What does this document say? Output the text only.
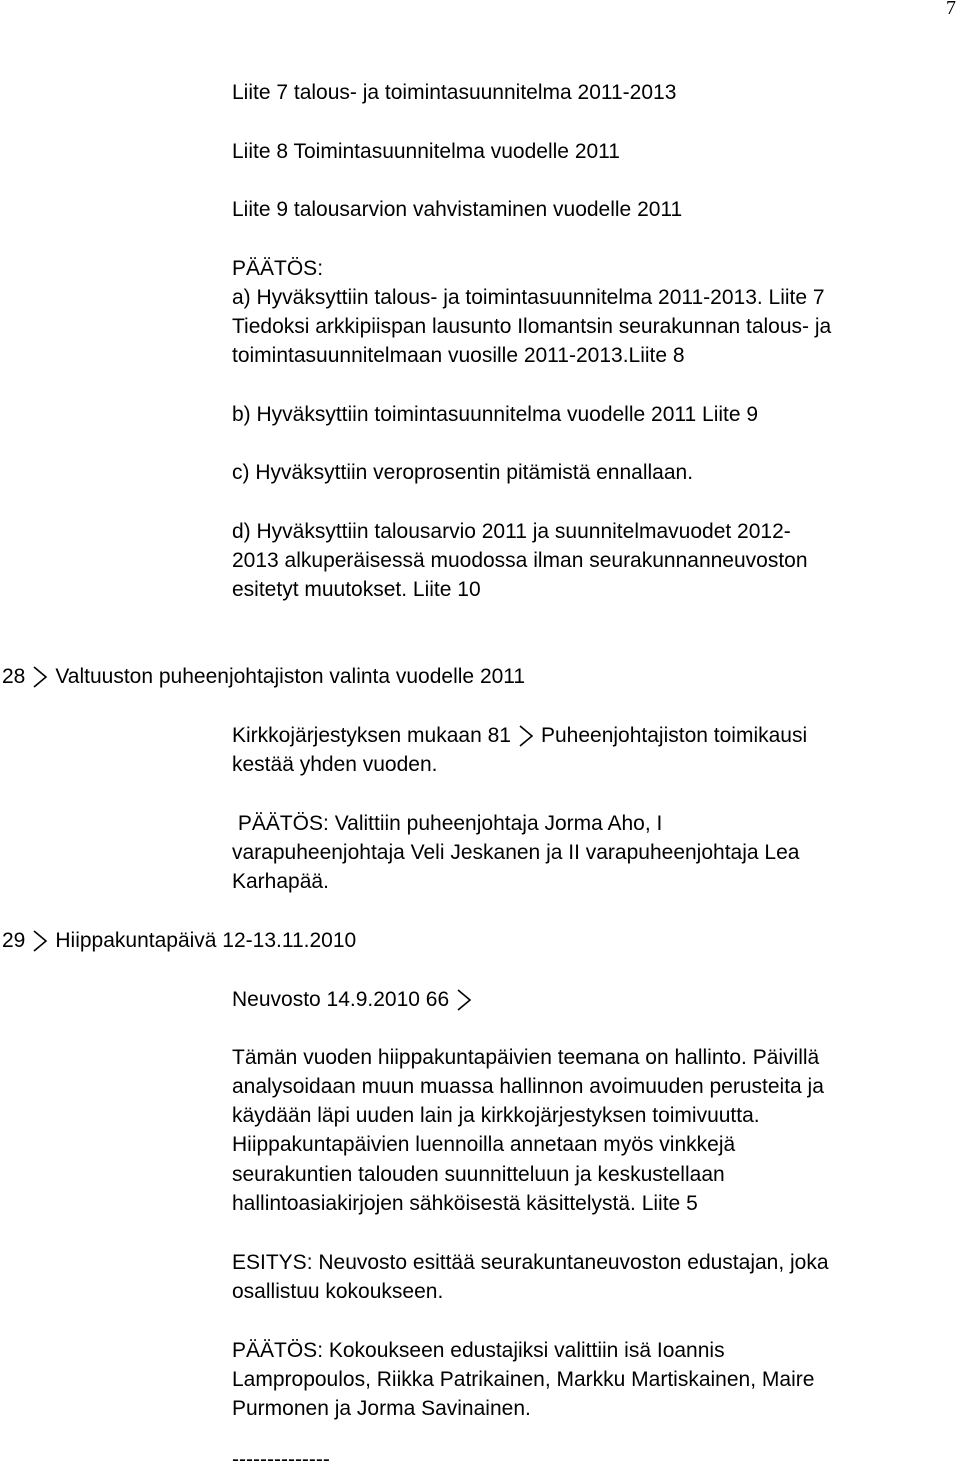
7
Liite 7 talous- ja toimintasuunnitelma 2011-2013
Liite 8 Toimintasuunnitelma vuodelle 2011
Liite 9 talousarvion vahvistaminen vuodelle 2011
PÄÄTÖS:
a) Hyväksyttiin talous- ja toimintasuunnitelma 2011-2013. Liite 7
Tiedoksi arkkipiispan lausunto Ilomantsin seurakunnan talous- ja
toimintasuunnitelmaan vuosille 2011-2013.Liite 8
b) Hyväksyttiin toimintasuunnitelma vuodelle 2011 Liite 9
c) Hyväksyttiin veroprosentin pitämistä ennallaan.
d) Hyväksyttiin talousarvio 2011 ja suunnitelmavuodet 2012-
2013 alkuperäisessä muodossa ilman seurakunnanneuvoston
esitetyt muutokset. Liite 10
28 Valtuuston puheenjohtajiston valinta vuodelle 2011
Kirkkojärjestyksen mukaan 81 Puheenjohtajiston toimikausi
kestää yhden vuoden.
PÄÄTÖS: Valittiin puheenjohtaja Jorma Aho, I
varapuheenjohtaja Veli Jeskanen ja II varapuheenjohtaja Lea
Karhapää.
29 Hiippakuntapäivä 12-13.11.2010
Neuvosto 14.9.2010 66
Tämän vuoden hiippakuntapäivien teemana on hallinto. Päivillä
analysoidaan muun muassa hallinnon avoimuuden perusteita ja
käydään läpi uuden lain ja kirkkojärjestyksen toimivuutta.
Hiippakuntapäivien luennoilla annetaan myös vinkkejä
seurakuntien talouden suunnitteluun ja keskustellaan
hallintoasiakirjojen sähköisestä käsittelystä. Liite 5
ESITYS: Neuvosto esittää seurakuntaneuvoston edustajan, joka
osallistuu kokoukseen.
PÄÄTÖS: Kokoukseen edustajiksi valittiin isä Ioannis
Lampropoulos, Riikka Patrikainen, Markku Martiskainen, Maire
Purmonen ja Jorma Savinainen.
--------------
